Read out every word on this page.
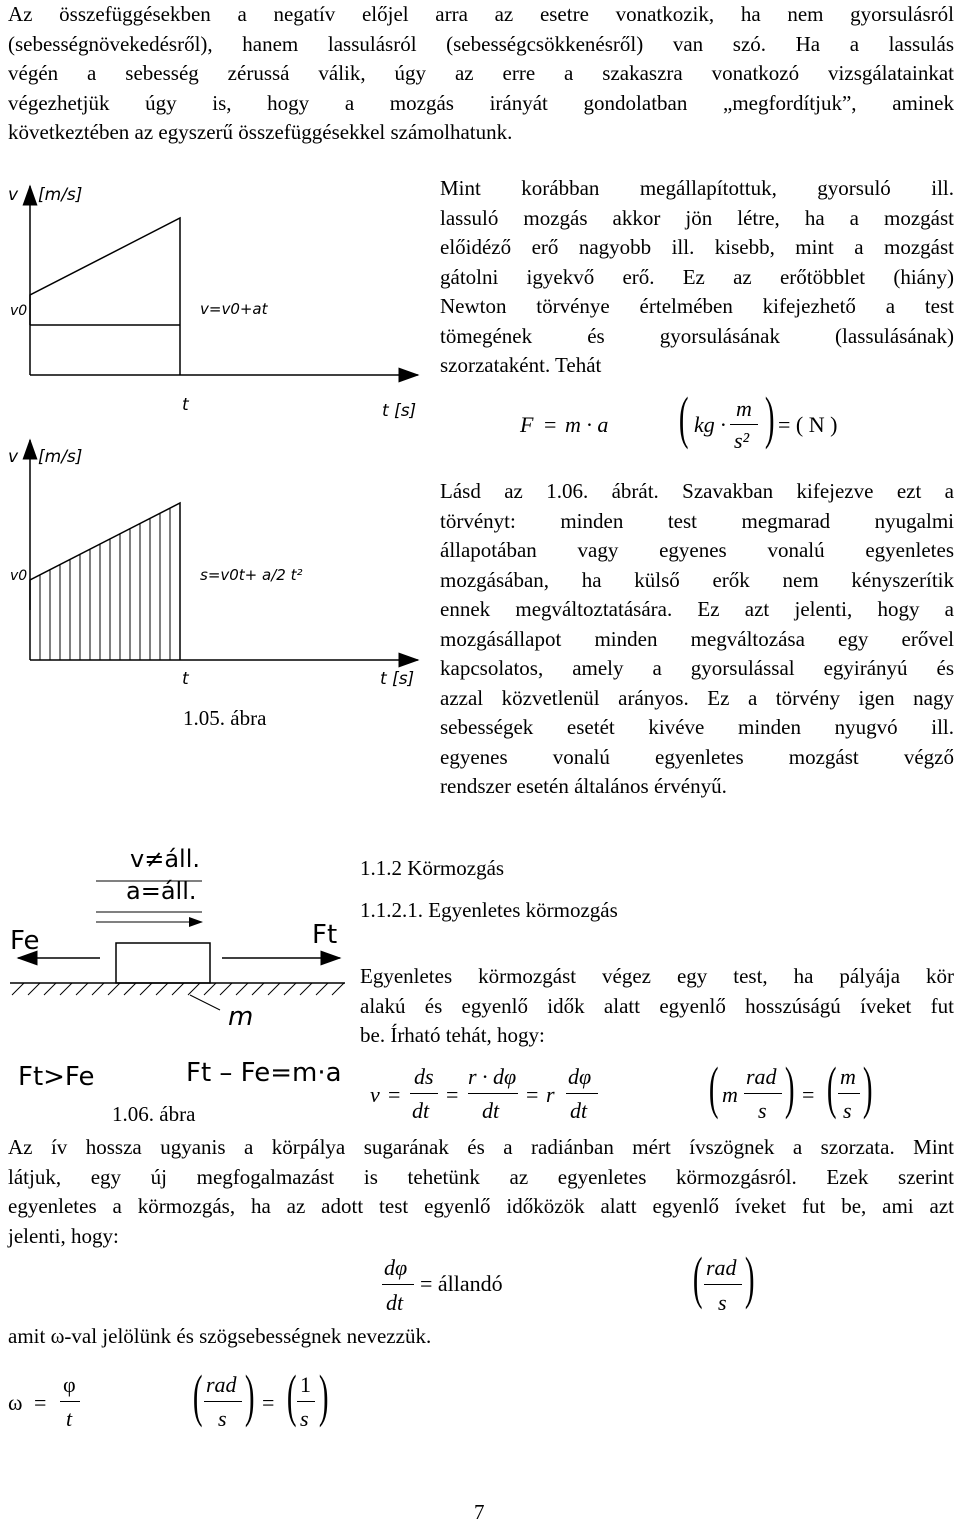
Az összefüggésekben a negatív előjel arra az esetre vonatkozik, ha nem gyorsulásról
(sebességnövekedésről), hanem lassulásról (sebességcsökkenésről) van szó. Ha a lassulás
végén a sebesség zérussá válik, úgy az erre a szakaszra vonatkozó vizsgálatainkat
végezhetjük úgy is, hogy a mozgás irányát gondolatban „megfordítjuk”, aminek
következtében az egyszerű összefüggésekkel számolhatunk.
v [m/s]
v0	v=v0+at
t	t [s]
v [m/s]
v0	s=v0t+ a/2 t²
t	t [s]
1.05. ábra
Mint korábban megállapítottuk, gyorsuló ill.
lassuló mozgás akkor jön létre, ha a mozgást
előidéző erő nagyobb ill. kisebb, mint a mozgást
gátolni igyekvő erő. Ez az erőtöbblet (hiány)
Newton törvénye értelmében kifejezhető a test
tömegének és gyorsulásának (lassulásának)
szorzataként. Tehát
F = m · a ( kg ·
m
s² ) = ( N )
Lásd az 1.06. ábrát. Szavakban kifejezve ezt a
törvényt: minden test megmarad nyugalmi
állapotában vagy egyenes vonalú egyenletes
mozgásában, ha külső erők nem kényszerítik
ennek megváltoztatására. Ez azt jelenti, hogy a
mozgásállapot minden megváltozása egy erővel
kapcsolatos, amely a gyorsulással egyirányú és
azzal közvetlenül arányos. Ez a törvény igen nagy
sebességek esetét kivéve minden nyugvó ill.
egyenes vonalú egyenletes mozgást végző
rendszer esetén általános érvényű.
v≠áll.
a=áll.
Fe	Ft
m
Ft>Fe	Ft – Fe=m·a
1.06. ábra
1.1.2 Körmozgás
1.1.2.1. Egyenletes körmozgás
Egyenletes körmozgást végez egy test, ha pályája kör
alakú és egyenlő idők alatt egyenlő hosszúságú íveket fut
be. Írható tehát, hogy:
v =
ds
dt
=
r · dφ
dt
= r
dφ
dt ( m
rad
s ) = ( m
s )
Az ív hossza ugyanis a körpálya sugarának és a radiánban mért ívszögnek a szorzata. Mint
látjuk, egy új megfogalmazást is tehetünk az egyenletes körmozgásról. Ezek szerint
egyenletes a körmozgás, ha az adott test egyenlő időközök alatt egyenlő íveket fut be, ami azt
jelenti, hogy:
dφ
dt
= állandó	( rad
s )
amit ω-val jelölünk és szögsebességnek nevezzük.
ω =
φ
t ( rad
s ) = ( 1
s )
7
